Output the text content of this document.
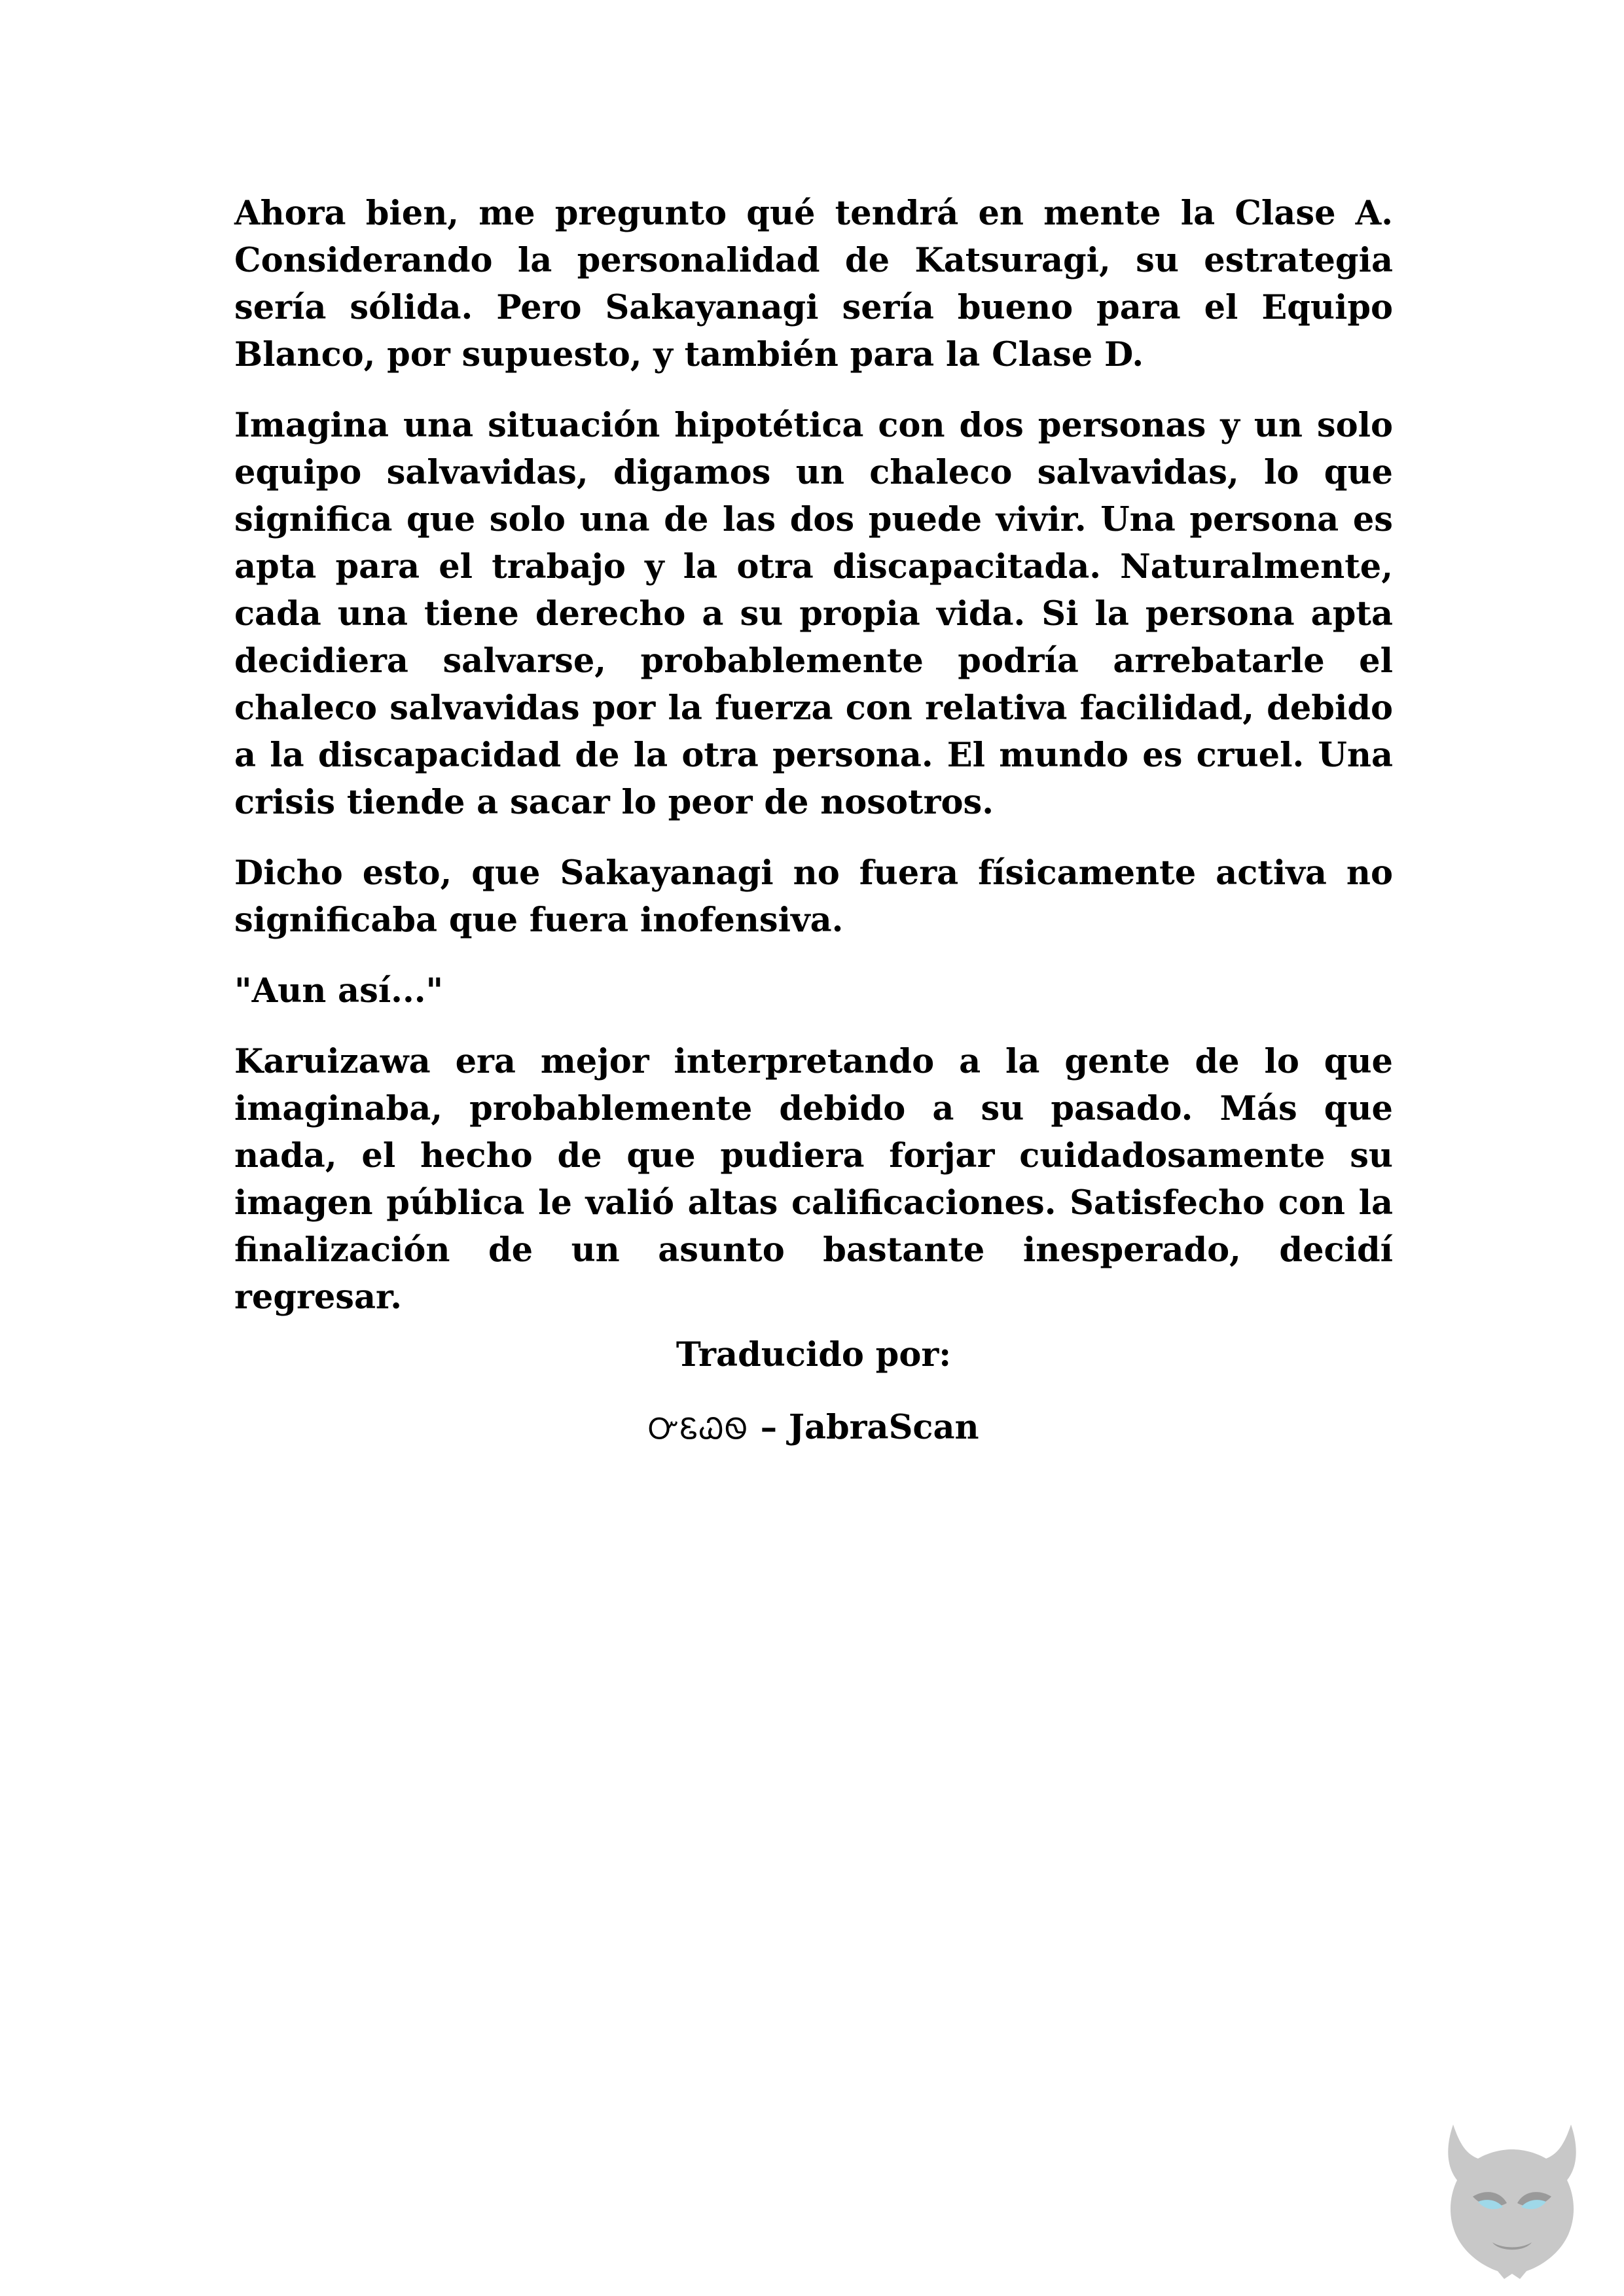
Ahora bien, me pregunto qué tendrá en mente la Clase A. Considerando la personalidad de Katsuragi, su estrategia sería sólida. Pero Sakayanagi sería bueno para el Equipo Blanco, por supuesto, y también para la Clase D.

Imagina una situación hipotética con dos personas y un solo equipo salvavidas, digamos un chaleco salvavidas, lo que significa que solo una de las dos puede vivir. Una persona es apta para el trabajo y la otra discapacitada. Naturalmente, cada una tiene derecho a su propia vida. Si la persona apta decidiera salvarse, probablemente podría arrebatarle el chaleco salvavidas por la fuerza con relativa facilidad, debido a la discapacidad de la otra persona. El mundo es cruel. Una crisis tiende a sacar lo peor de nosotros.

Dicho esto, que Sakayanagi no fuera físicamente activa no significaba que fuera inofensiva.

"Aun así..."

Karuizawa era mejor interpretando a la gente de lo que imaginaba, probablemente debido a su pasado. Más que nada, el hecho de que pudiera forjar cuidadosamente su imagen pública le valió altas calificaciones. Satisfecho con la finalización de un asunto bastante inesperado, decidí regresar.

Traducido por:
ᏅᏋᏇᏫ – JabraScan
